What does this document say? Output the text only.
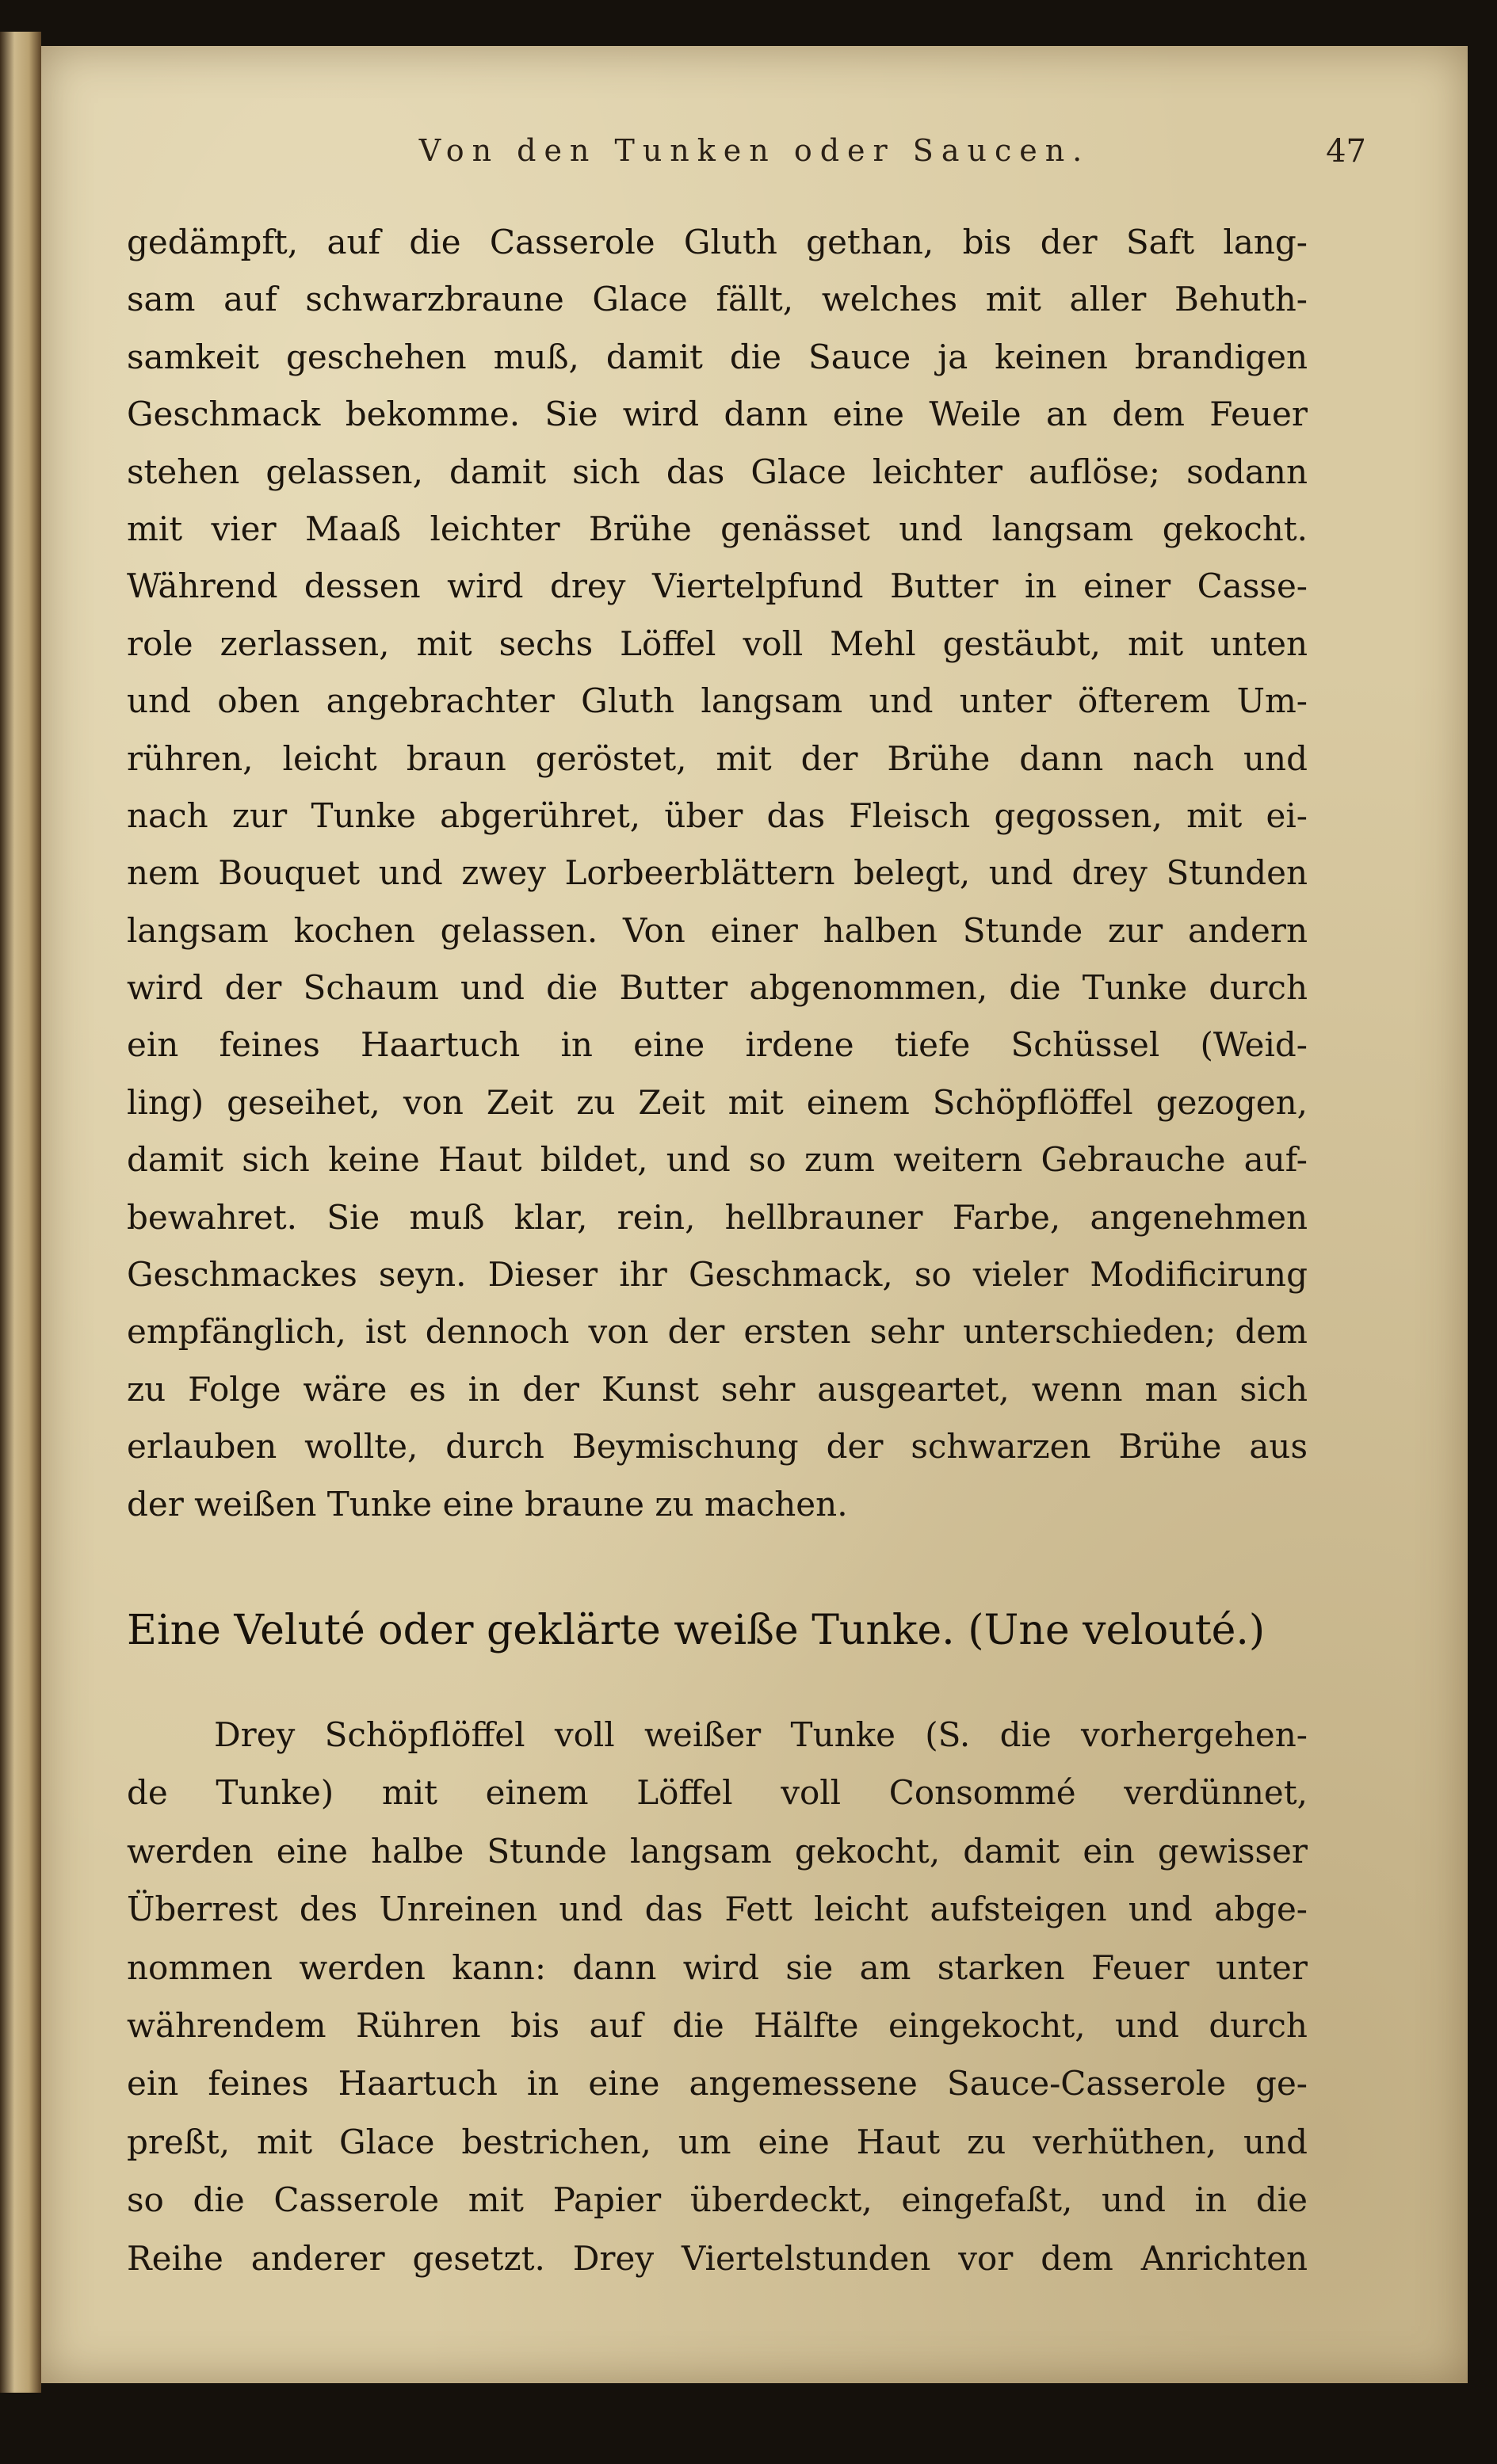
Von den Tunken oder Saucen.	47
gedämpft, auf die Casserole Gluth gethan, bis der Saft lang-
sam auf schwarzbraune Glace fällt, welches mit aller Behuth-
samkeit geschehen muß, damit die Sauce ja keinen brandigen
Geschmack bekomme. Sie wird dann eine Weile an dem Feuer
stehen gelassen, damit sich das Glace leichter auflöse; sodann
mit vier Maaß leichter Brühe genässet und langsam gekocht.
Während dessen wird drey Viertelpfund Butter in einer Casse-
role zerlassen, mit sechs Löffel voll Mehl gestäubt, mit unten
und oben angebrachter Gluth langsam und unter öfterem Um-
rühren, leicht braun geröstet, mit der Brühe dann nach und
nach zur Tunke abgerühret, über das Fleisch gegossen, mit ei-
nem Bouquet und zwey Lorbeerblättern belegt, und drey Stunden
langsam kochen gelassen. Von einer halben Stunde zur andern
wird der Schaum und die Butter abgenommen, die Tunke durch
ein feines Haartuch in eine irdene tiefe Schüssel (Weid-
ling) geseihet, von Zeit zu Zeit mit einem Schöpflöffel gezogen,
damit sich keine Haut bildet, und so zum weitern Gebrauche auf-
bewahret. Sie muß klar, rein, hellbrauner Farbe, angenehmen
Geschmackes seyn. Dieser ihr Geschmack, so vieler Modificirung
empfänglich, ist dennoch von der ersten sehr unterschieden; dem
zu Folge wäre es in der Kunst sehr ausgeartet, wenn man sich
erlauben wollte, durch Beymischung der schwarzen Brühe aus
der weißen Tunke eine braune zu machen.
Eine Veluté oder geklärte weiße Tunke. (Une velouté.)
Drey Schöpflöffel voll weißer Tunke (S. die vorhergehen-
de Tunke) mit einem Löffel voll Consommé verdünnet,
werden eine halbe Stunde langsam gekocht, damit ein gewisser
Überrest des Unreinen und das Fett leicht aufsteigen und abge-
nommen werden kann: dann wird sie am starken Feuer unter
währendem Rühren bis auf die Hälfte eingekocht, und durch
ein feines Haartuch in eine angemessene Sauce-Casserole ge-
preßt, mit Glace bestrichen, um eine Haut zu verhüthen, und
so die Casserole mit Papier überdeckt, eingefaßt, und in die
Reihe anderer gesetzt. Drey Viertelstunden vor dem Anrichten
